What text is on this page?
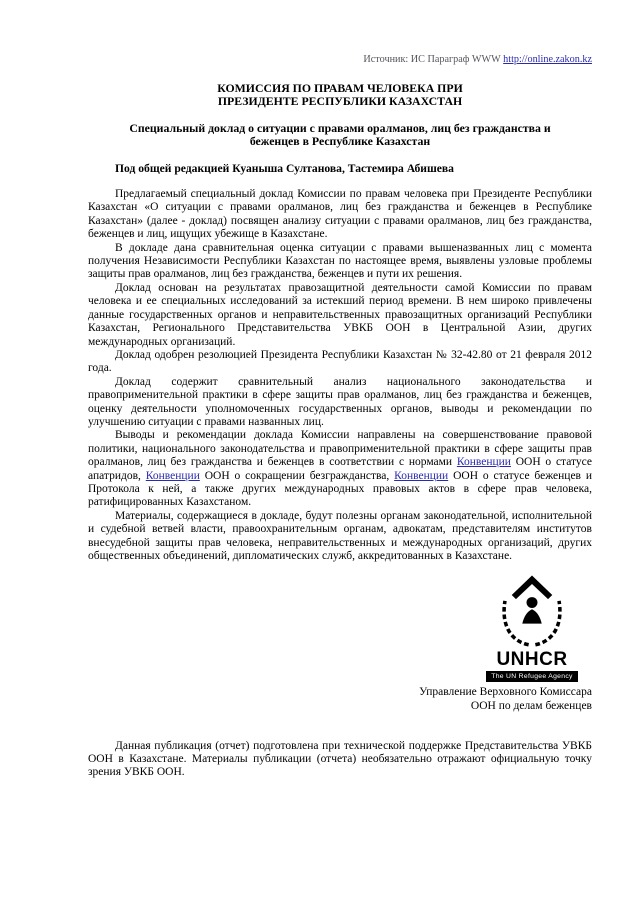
Источник: ИС Параграф WWW http://online.zakon.kz
КОМИССИЯ ПО ПРАВАМ ЧЕЛОВЕКА ПРИ
ПРЕЗИДЕНТЕ РЕСПУБЛИКИ КАЗАХСТАН
Специальный доклад о ситуации с правами оралманов, лиц без гражданства и беженцев в Республике Казахстан
Под общей редакцией Куаныша Султанова, Тастемира Абишева

Предлагаемый специальный доклад Комиссии по правам человека при Президенте Республики Казахстан «О ситуации с правами оралманов, лиц без гражданства и беженцев в Республике Казахстан» (далее - доклад) посвящен анализу ситуации с правами оралманов, лиц без гражданства, беженцев и лиц, ищущих убежище в Казахстане.

В докладе дана сравнительная оценка ситуации с правами вышеназванных лиц с момента получения Независимости Республики Казахстан по настоящее время, выявлены узловые проблемы защиты прав оралманов, лиц без гражданства, беженцев и пути их решения.

Доклад основан на результатах правозащитной деятельности самой Комиссии по правам человека и ее специальных исследований за истекший период времени. В нем широко привлечены данные государственных органов и неправительственных правозащитных организаций Республики Казахстан, Регионального Представительства УВКБ ООН в Центральной Азии, других международных организаций.

Доклад одобрен резолюцией Президента Республики Казахстан № 32-42.80 от 21 февраля 2012 года.

Доклад содержит сравнительный анализ национального законодательства и правоприменительной практики в сфере защиты прав оралманов, лиц без гражданства и беженцев, оценку деятельности уполномоченных государственных органов, выводы и рекомендации по улучшению ситуации с правами названных лиц.

Выводы и рекомендации доклада Комиссии направлены на совершенствование правовой политики, национального законодательства и правоприменительной практики в сфере защиты прав оралманов, лиц без гражданства и беженцев в соответствии с нормами Конвенции ООН о статусе апатридов, Конвенции ООН о сокращении безгражданства, Конвенции ООН о статусе беженцев и Протокола к ней, а также других международных правовых актов в сфере прав человека, ратифицированных Казахстаном.

Материалы, содержащиеся в докладе, будут полезны органам законодательной, исполнительной и судебной ветвей власти, правоохранительным органам, адвокатам, представителям институтов внесудебной защиты прав человека, неправительственных и международных организаций, других общественных объединений, дипломатических служб, аккредитованных в Казахстане.

UNHCR
The UN Refugee Agency
Управление Верховного Комиссара
ООН по делам беженцев

Данная публикация (отчет) подготовлена при технической поддержке Представительства УВКБ ООН в Казахстане. Материалы публикации (отчета) необязательно отражают официальную точку зрения УВКБ ООН.
